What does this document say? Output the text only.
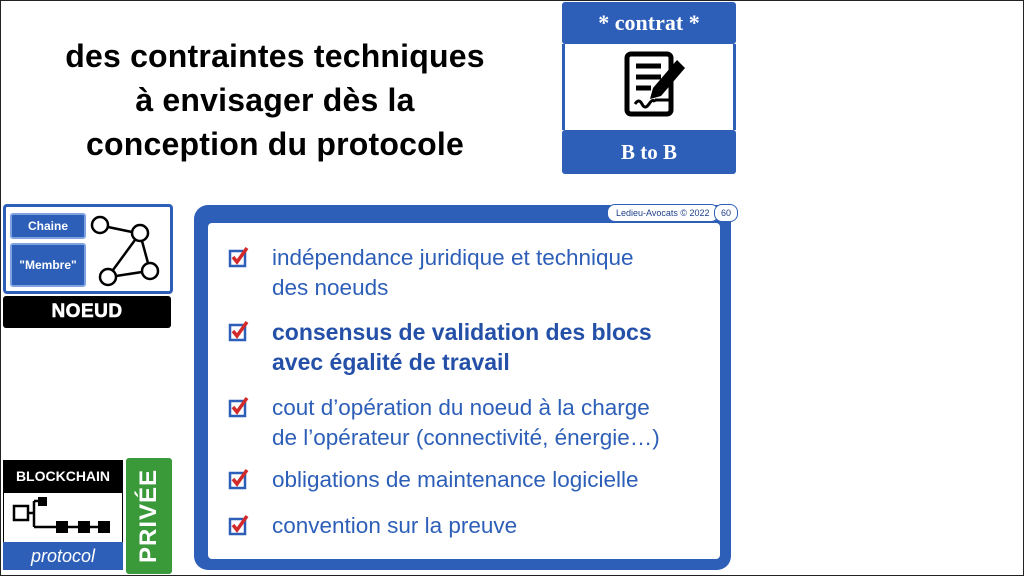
des contraintes techniques
à envisager dès la
conception du protocole
* contrat *
B to B
Chaine
"Membre"
NOEUD
BLOCKCHAIN
protocol	PRIVÉE
indépendance juridique et technique
des noeuds
consensus de validation des blocs
avec égalité de travail
cout d’opération du noeud à la charge
de l’opérateur (connectivité, énergie…)
obligations de maintenance logicielle
convention sur la preuve
Ledieu-Avocats © 2022	60
